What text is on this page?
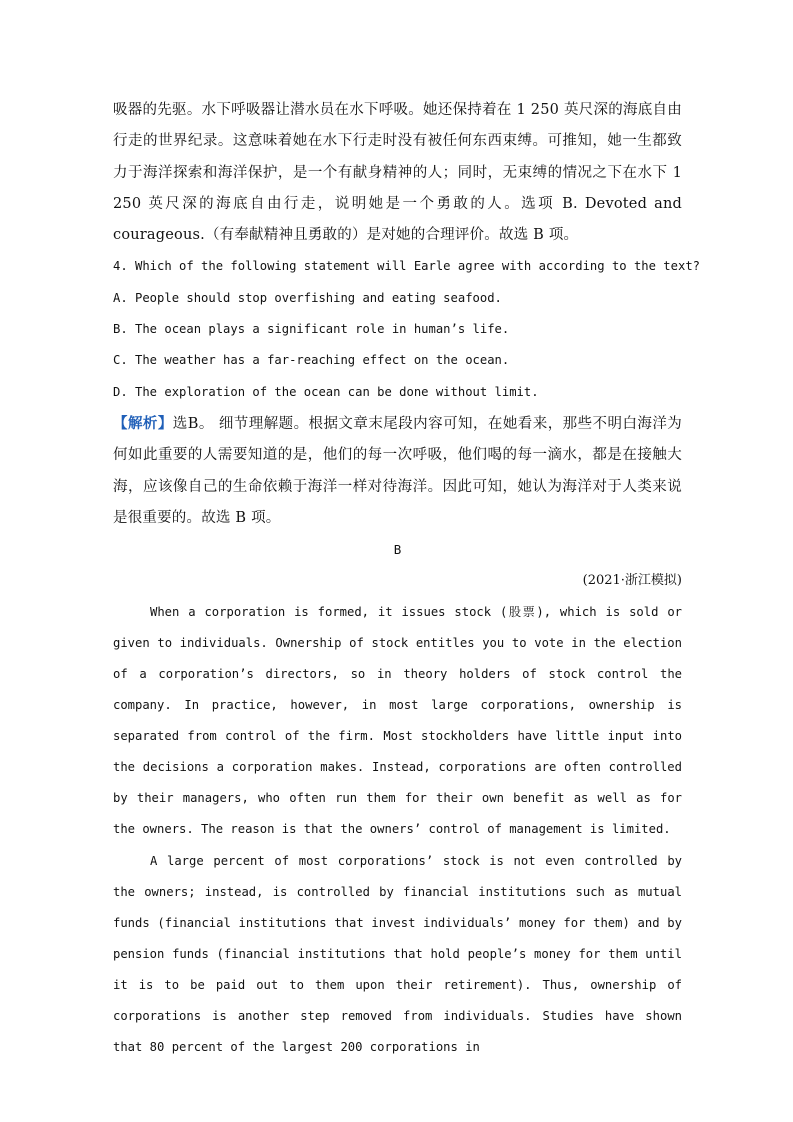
吸器的先驱。水下呼吸器让潜水员在水下呼吸。她还保持着在 1 250 英尺深的海底自由行走的世界纪录。这意味着她在水下行走时没有被任何东西束缚。可推知，她一生都致力于海洋探索和海洋保护，是一个有献身精神的人；同时，无束缚的情况之下在水下 1 250 英尺深的海底自由行走，说明她是一个勇敢的人。选项 B. Devoted and courageous.（有奉献精神且勇敢的）是对她的合理评价。故选 B 项。

4. Which of the following statement will Earle agree with according to the text?

A. People should stop overfishing and eating seafood.

B. The ocean plays a significant role in human’s life.

C. The weather has a far-reaching effect on the ocean.

D. The exploration of the ocean can be done without limit.

【解析】选B。 细节理解题。根据文章末尾段内容可知，在她看来，那些不明白海洋为何如此重要的人需要知道的是，他们的每一次呼吸，他们喝的每一滴水，都是在接触大海，应该像自己的生命依赖于海洋一样对待海洋。因此可知，她认为海洋对于人类来说是很重要的。故选 B 项。

B

(2021·浙江模拟)

When a corporation is formed, it issues stock (股票), which is sold or given to individuals. Ownership of stock entitles you to vote in the election of a corporation’s directors, so in theory holders of stock control the company. In practice, however, in most large corporations, ownership is separated from control of the firm. Most stockholders have little input into the decisions a corporation makes. Instead, corporations are often controlled by their managers, who often run them for their own benefit as well as for the owners. The reason is that the owners’ control of management is limited.

A large percent of most corporations’ stock is not even controlled by the owners; instead, is controlled by financial institutions such as mutual funds (financial institutions that invest individuals’ money for them) and by pension funds (financial institutions that hold people’s money for them until it is to be paid out to them upon their retirement). Thus, ownership of corporations is another step removed from individuals. Studies have shown that 80 percent of the largest 200 corporations in
